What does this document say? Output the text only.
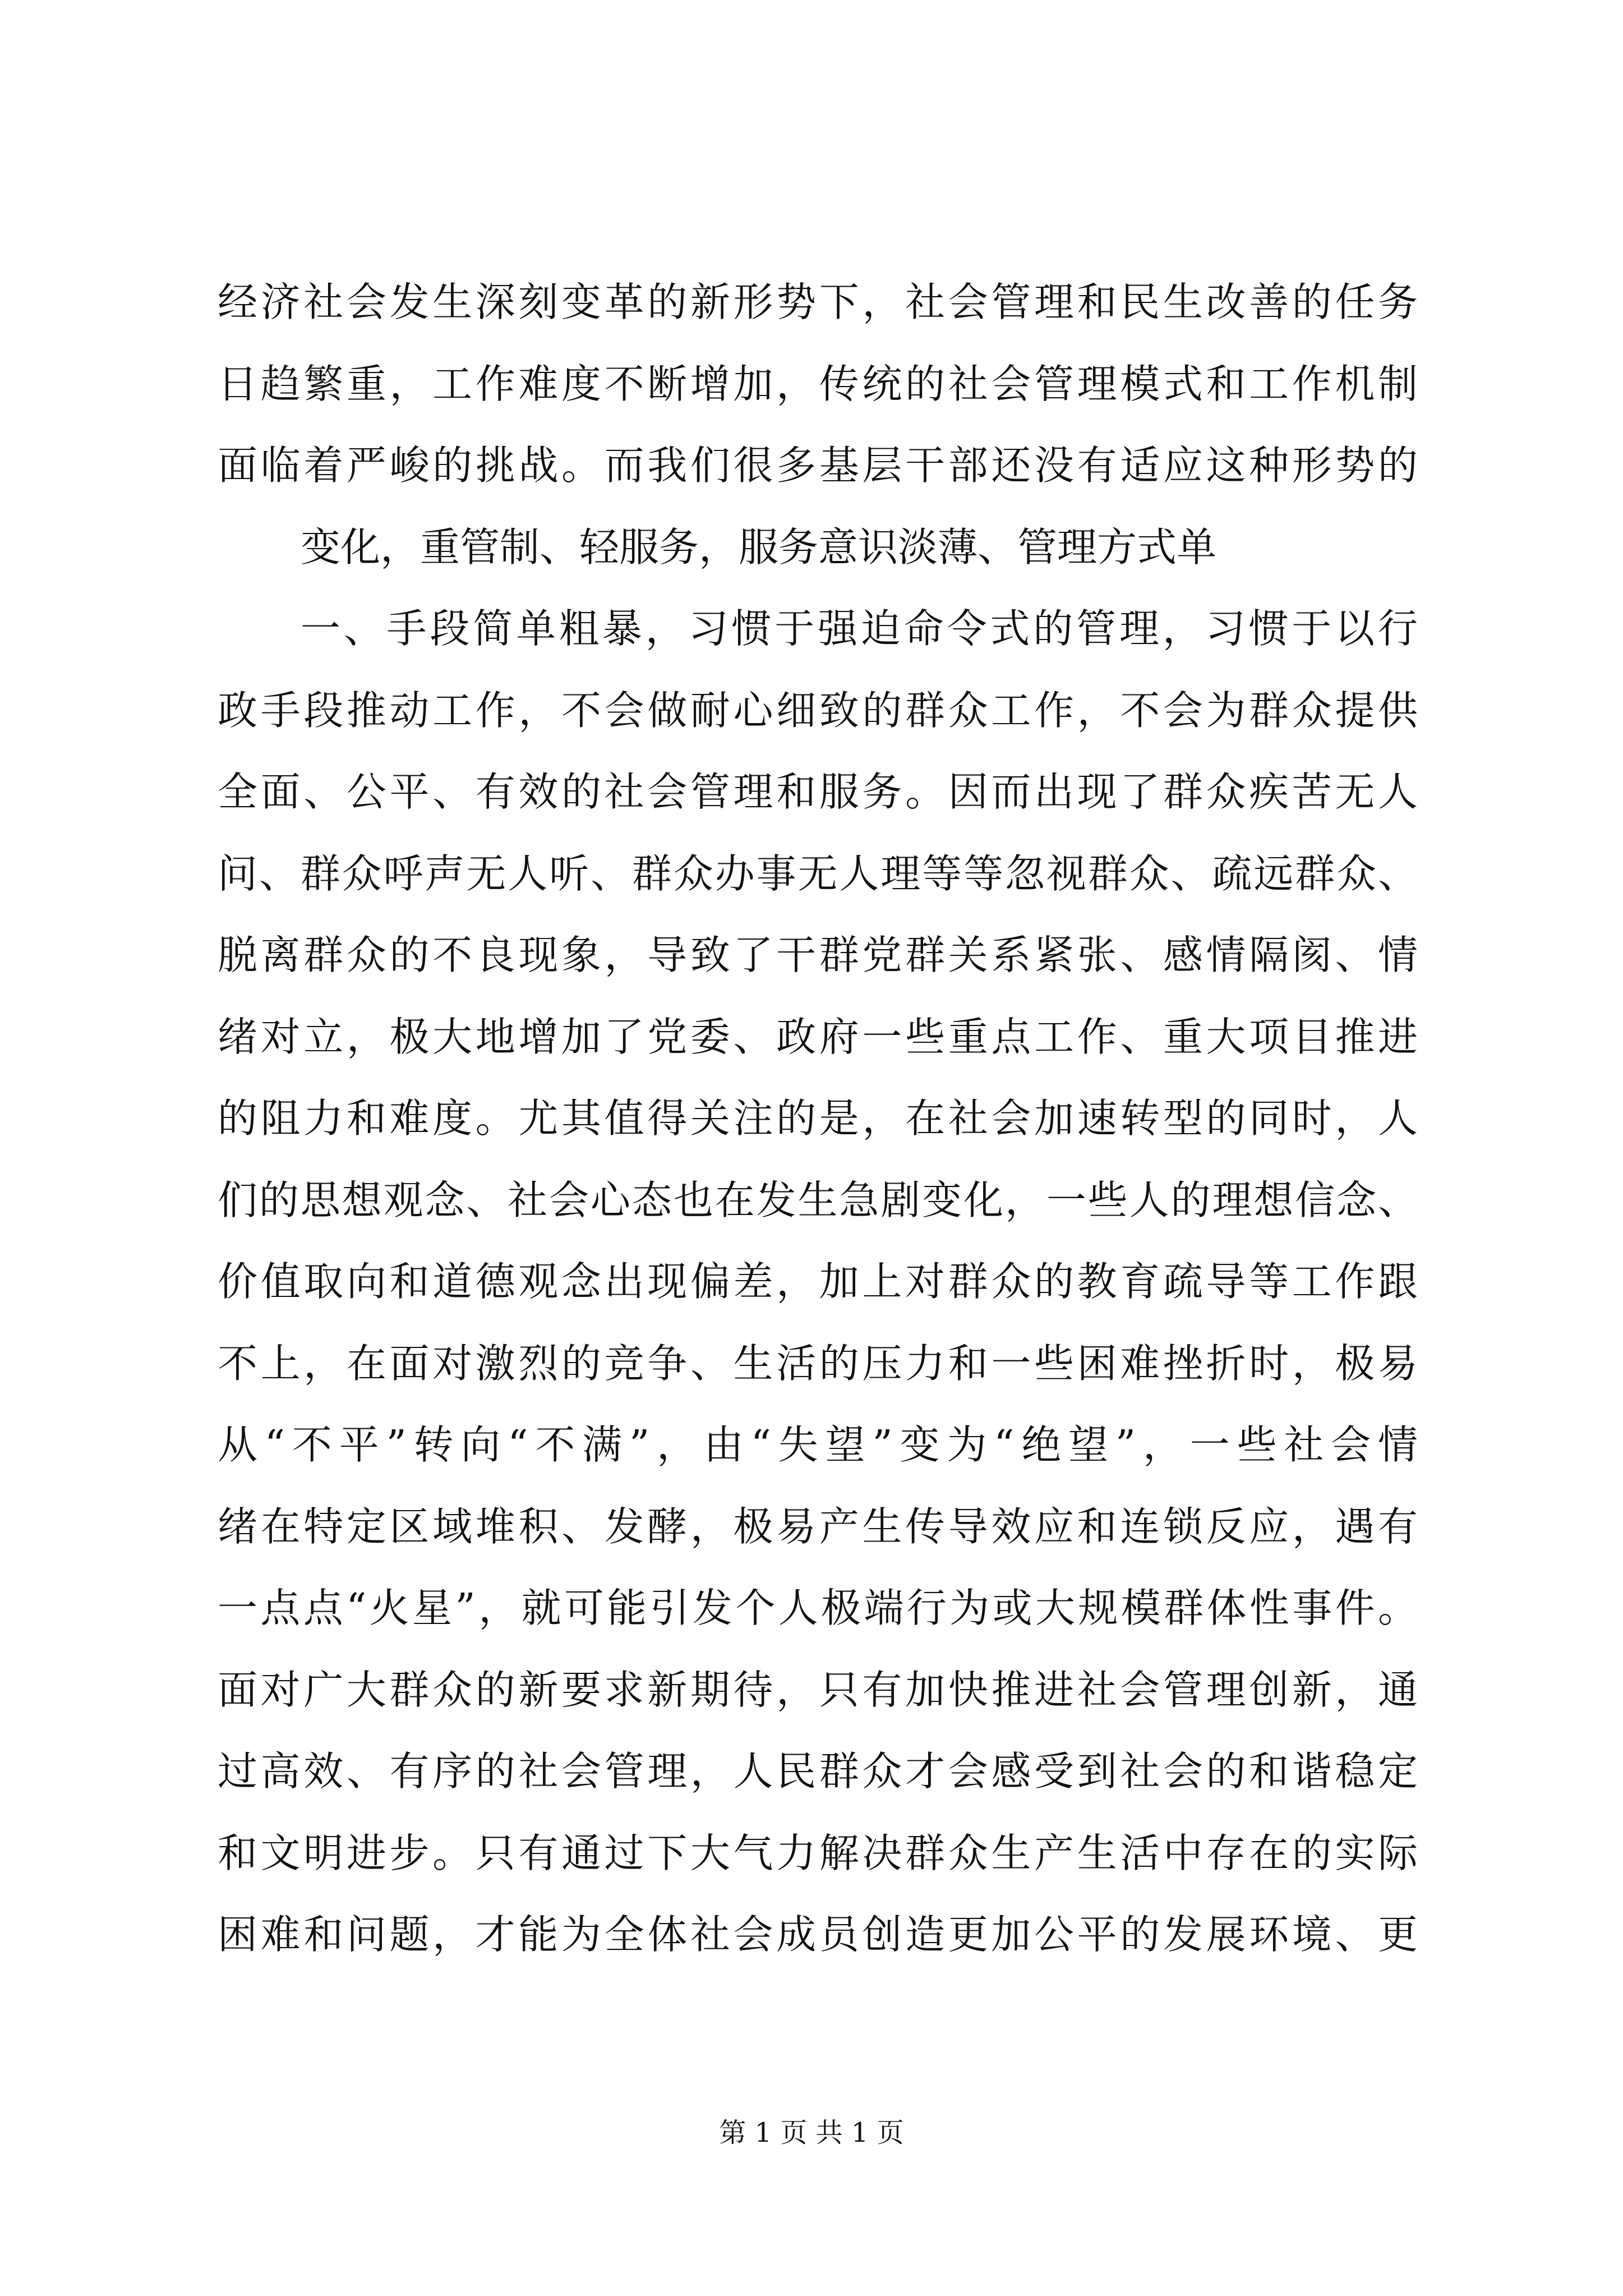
经济社会发生深刻变革的新形势下，社会管理和民生改善的任务
日趋繁重，工作难度不断增加，传统的社会管理模式和工作机制
面临着严峻的挑战。而我们很多基层干部还没有适应这种形势的
变化，重管制、轻服务，服务意识淡薄、管理方式单
一、手段简单粗暴，习惯于强迫命令式的管理，习惯于以行
政手段推动工作，不会做耐心细致的群众工作，不会为群众提供
全面、公平、有效的社会管理和服务。因而出现了群众疾苦无人
问、群众呼声无人听、群众办事无人理等等忽视群众、疏远群众、
脱离群众的不良现象，导致了干群党群关系紧张、感情隔阂、情
绪对立，极大地增加了党委、政府一些重点工作、重大项目推进
的阻力和难度。尤其值得关注的是，在社会加速转型的同时，人
们的思想观念、社会心态也在发生急剧变化，一些人的理想信念、
价值取向和道德观念出现偏差，加上对群众的教育疏导等工作跟
不上，在面对激烈的竞争、生活的压力和一些困难挫折时，极易
从“不平”转向“不满”，由“失望”变为“绝望”，一些社会情
绪在特定区域堆积、发酵，极易产生传导效应和连锁反应，遇有
一点点“火星”，就可能引发个人极端行为或大规模群体性事件。
面对广大群众的新要求新期待，只有加快推进社会管理创新，通
过高效、有序的社会管理，人民群众才会感受到社会的和谐稳定
和文明进步。只有通过下大气力解决群众生产生活中存在的实际
困难和问题，才能为全体社会成员创造更加公平的发展环境、更
第 1 页 共 1 页
